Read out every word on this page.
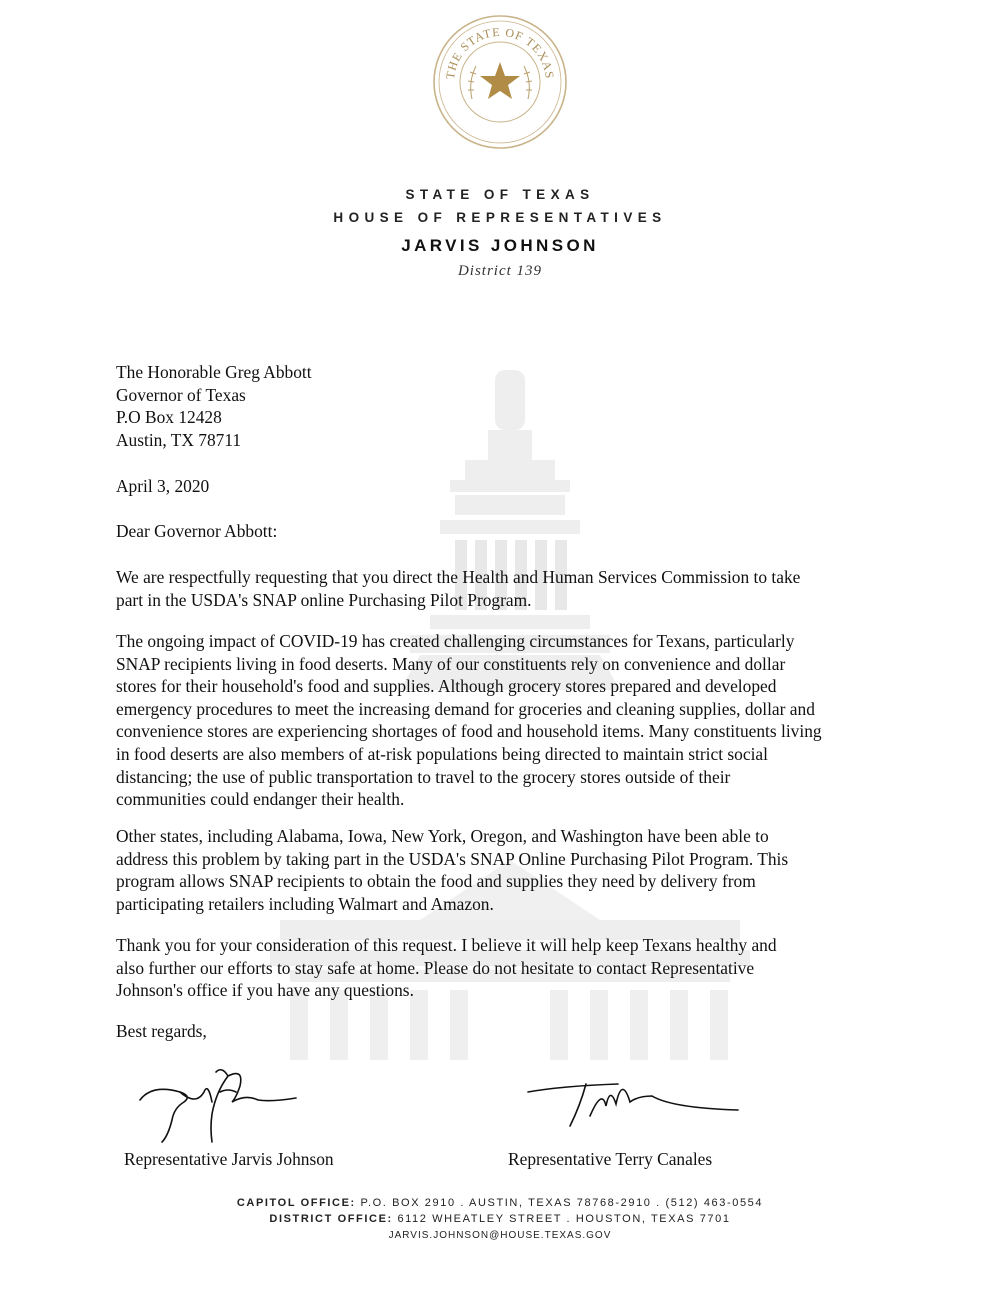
THE STATE OF TEXAS
STATE OF TEXAS
HOUSE OF REPRESENTATIVES
JARVIS JOHNSON
District 139
The Honorable Greg Abbott
Governor of Texas
P.O Box 12428
Austin, TX 78711
April 3, 2020
Dear Governor Abbott:
We are respectfully requesting that you direct the Health and Human Services Commission to take
part in the USDA's SNAP online Purchasing Pilot Program.
The ongoing impact of COVID-19 has created challenging circumstances for Texans, particularly
SNAP recipients living in food deserts. Many of our constituents rely on convenience and dollar
stores for their household's food and supplies. Although grocery stores prepared and developed
emergency procedures to meet the increasing demand for groceries and cleaning supplies, dollar and
convenience stores are experiencing shortages of food and household items. Many constituents living
in food deserts are also members of at-risk populations being directed to maintain strict social
distancing; the use of public transportation to travel to the grocery stores outside of their
communities could endanger their health.
Other states, including Alabama, Iowa, New York, Oregon, and Washington have been able to
address this problem by taking part in the USDA's SNAP Online Purchasing Pilot Program. This
program allows SNAP recipients to obtain the food and supplies they need by delivery from
participating retailers including Walmart and Amazon.
Thank you for your consideration of this request. I believe it will help keep Texans healthy and
also further our efforts to stay safe at home. Please do not hesitate to contact Representative
Johnson's office if you have any questions.
Best regards,
Representative Jarvis Johnson	Representative Terry Canales
CAPITOL OFFICE: P.O. BOX 2910 . AUSTIN, TEXAS 78768-2910 . (512) 463-0554
DISTRICT OFFICE: 6112 WHEATLEY STREET . HOUSTON, TEXAS 7701
JARVIS.JOHNSON@HOUSE.TEXAS.GOV
